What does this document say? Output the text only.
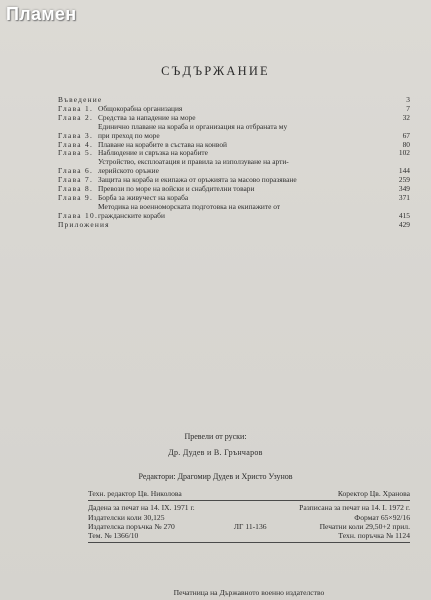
Пламен
СЪДЪРЖАНИЕ
Въведение	3
Глава 1. Общокорабна организация	7
Глава 2. Средства за нападение на море	32
Глава 3.
Единично плаване на кораба и организация на отбраната му
при преход по море	67
Глава 4. Плаване на корабите в състава на конвой	80
Глава 5. Наблюдение и свръзка на корабите	102
Глава 6.
Устройство, експлоатация и правила за използуване на арти-
лерийското оръжие	144
Глава 7. Защита на кораба и екипажа от оръжията за масово поразяване	259
Глава 8. Превози по море на войски и снабдителни товари	349
Глава 9. Борба за живучест на кораба	371
Глава 10.
Методика на военноморската подготовка на екипажите от
гражданските кораби	415
Приложения	429
Превели от руски:
Др. Дудев и В. Грънчаров
Редактори: Драгомир Дудев и Христо Узунов
Техн. редактор Цв. Николова	Коректор Цв. Хранова
Дадена за печат на 14. IX. 1971 г.	Разписана за печат на 14. I. 1972 г.
Издателски коли 30,125	Формат 65×92/16
Издателска поръчка № 270	ЛГ 11-136	Печатни коли 29,50+2 прил.
Тем. № 1366/10	Техн. поръчка № 1124
Печатница на Държавното военно издателство
